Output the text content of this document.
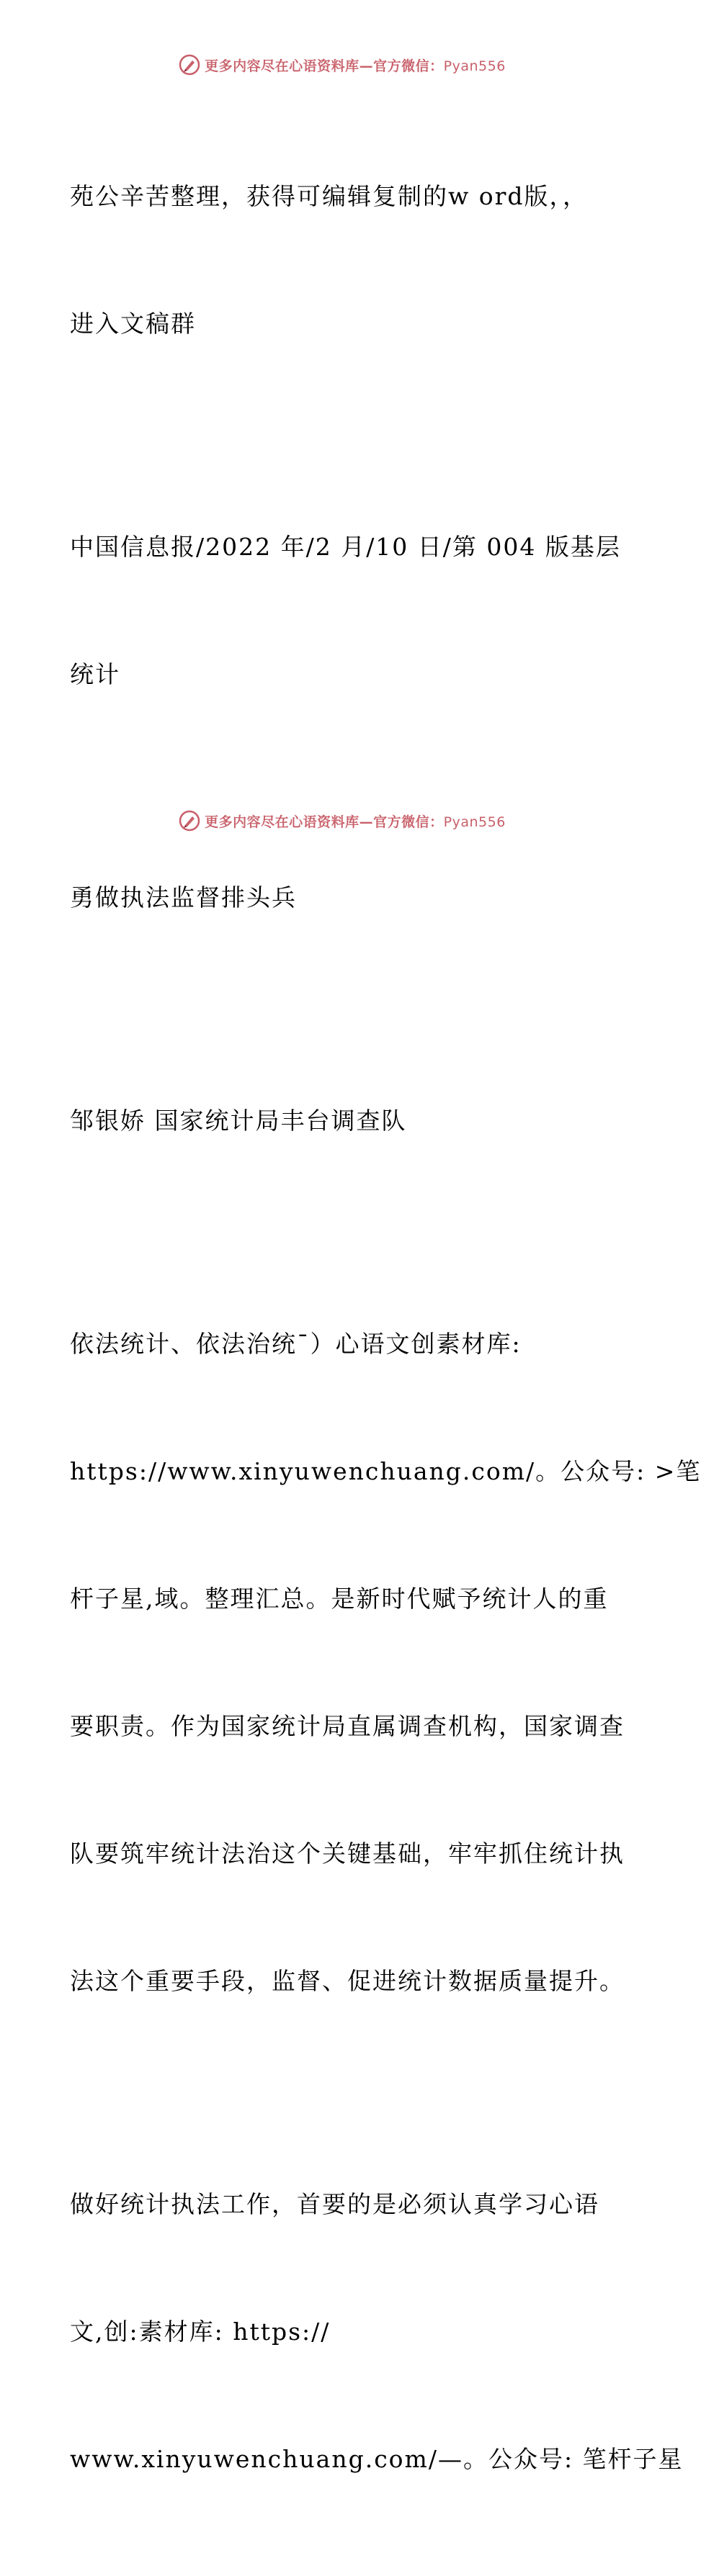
更多内容尽在心语资料库—官方微信：Pyan556

苑公辛苦整理，获得可编辑复制的w ord版，，

进入文稿群

中国信息报/2022 年/2 月/10 日/第 004 版基层

统计

勇做执法监督排头兵

邹银娇 国家统计局丰台调查队

依法统计、依法治统¯）心语文创素材库:

https://www.xinyuwenchuang.com/。公众号: >笔

杆子星,域。整理汇总。是新时代赋予统计人的重

要职责。作为国家统计局直属调查机构，国家调查

队要筑牢统计法治这个关键基础，牢牢抓住统计执

法这个重要手段，监督、促进统计数据质量提升。

做好统计执法工作，首要的是必须认真学习心语

文,创:素材库: https://

www.xinyuwenchuang.com/—。公众号: 笔杆子星

更多内容尽在心语资料库—官方微信：Pyan556
